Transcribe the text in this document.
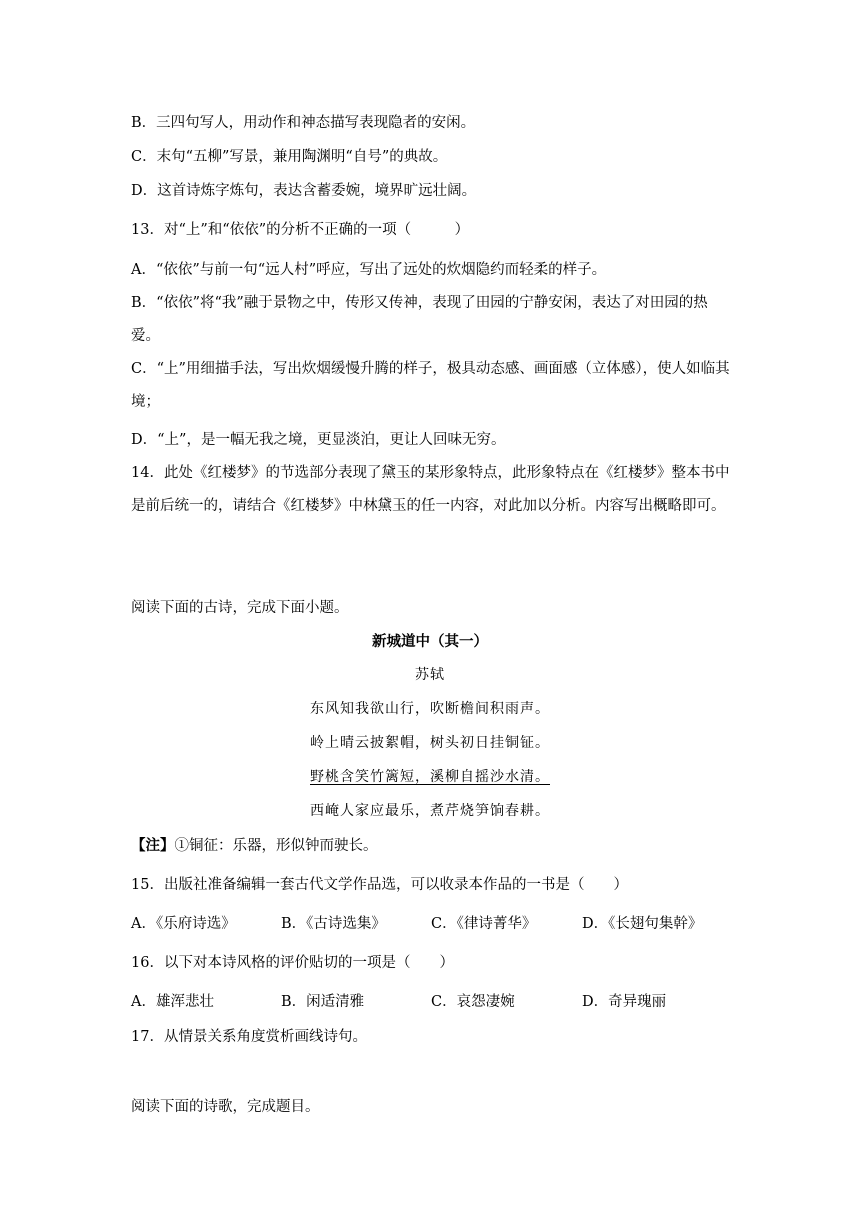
B．三四句写人，用动作和神态描写表现隐者的安闲。
C．末句“五柳”写景，兼用陶渊明“自号”的典故。
D．这首诗炼字炼句，表达含蓄委婉，境界旷远壮阔。
13．对“上”和“依依”的分析不正确的一项（　　　）
A．“依依”与前一句“远人村”呼应，写出了远处的炊烟隐约而轻柔的样子。
B．“依依”将“我”融于景物之中，传形又传神，表现了田园的宁静安闲，表达了对田园的热爱。
C．“上”用细描手法，写出炊烟缓慢升腾的样子，极具动态感、画面感（立体感），使人如临其境；
D．“上”，是一幅无我之境，更显淡泊，更让人回味无穷。
14．此处《红楼梦》的节选部分表现了黛玉的某形象特点，此形象特点在《红楼梦》整本书中是前后统一的，请结合《红楼梦》中林黛玉的任一内容，对此加以分析。内容写出概略即可。
阅读下面的古诗，完成下面小题。
新城道中（其一）
苏轼
东风知我欲山行，吹断檐间积雨声。
岭上晴云披絮帽，树头初日挂铜钲。
野桃含笑竹篱短，溪柳自摇沙水清。
西崦人家应最乐，煮芹烧笋饷春耕。
【注】①铜征：乐器，形似钟而驶长。
15．出版社准备编辑一套古代文学作品选，可以收录本作品的一书是（　　）
A．《乐府诗选》	B．《古诗选集》	C．《律诗菁华》	D．《长翅句集幹》
16．以下对本诗风格的评价贴切的一项是（　　）
A．雄浑悲壮	B．闲适清雅	C．哀怨凄婉	D．奇异瑰丽
17．从情景关系角度赏析画线诗句。
阅读下面的诗歌，完成题目。
